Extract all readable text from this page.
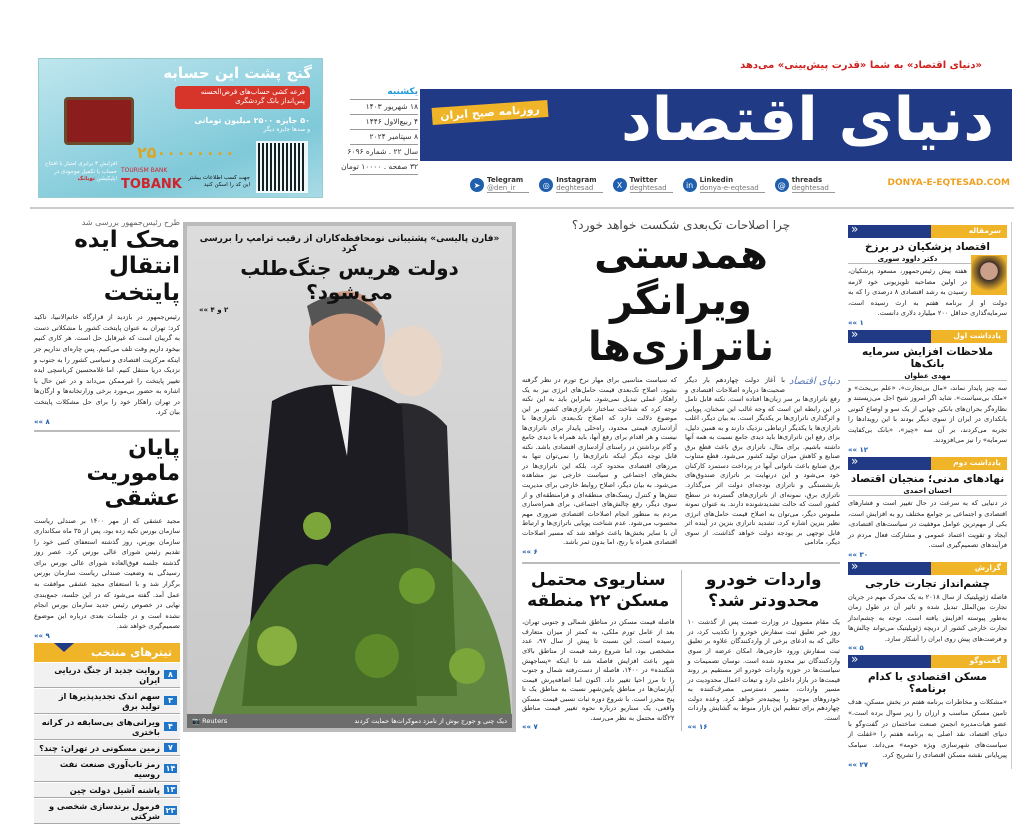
گنج پشت این حسابه
قرعه کشی حساب‌های قرض‌الحسنه پس‌انداز بانک گردشگری
۵۰ جایزه ۲۵۰۰ میلیون تومانی
و صدها جایزه دیگر
۲۵۰۰۰۰۰۰۰۰
جهت کسب اطلاعات بیشتر این کد را اسکن کنید
TOURISM BANK
TOBANK
افزایش ۳ برابری امتیاز با افتتاح حساب یا تکمیل موجودی در اپلیکیشن توبانک
«دنیای اقتصاد» به شما «قدرت پیش‌بینی» می‌دهد
دنیای اقتصاد
روزنامه صبح ایران
یکشنبه
۱۸ شهریور ۱۴۰۳
۴ ربیع‌الاول ۱۴۴۶
۸ سپتامبر ۲۰۲۴
سال ۲۲ . شماره ۶۰۹۶
۳۲ صفحه . ۱۰۰۰۰ تومان
➤
Telegram
@den_ir	◎
Instagram
deghtesad	X
Twitter
deghtesad	in
Linkedin
donya-e-eqtesad	@
threads
deghtesad	DONYA-E-EQTESAD.COM
طرح رئیس‌جمهور بررسی شد
محک ایده انتقال پایتخت
رئیس‌جمهور در بازدید از قرارگاه خاتم‌الانبیا، تاکید کرد: تهران به عنوان پایتخت کشور با مشکلاتی دست به گریبان است که غیرقابل حل است. هر کاری کنیم بیخود داریم وقت تلف می‌کنیم. پس چاره‌ای نداریم جز اینکه مرکزیت اقتصادی و سیاسی کشور را به جنوب و نزدیک دریا منتقل کنیم. اما غلامحسین کرباسچی ایده تغییر پایتخت را غیرممکن می‌داند و در عین حال با اشاره به حضور بی‌مورد برخی وزارتخانه‌ها و ارگان‌ها در تهران راهکار خود را برای حل مشکلات پایتخت بیان کرد.
۸ »»
پایان ماموریت عشقی
مجید عشقی که از مهر ۱۴۰۰ بر صندلی ریاست سازمان بورس تکیه زده بود، پس از ۳۵ ماه سکانداری سازمان بورس، روز گذشته استعفای کتبی خود را تقدیم رئیس شورای عالی بورس کرد. عصر روز گذشته جلسه فوق‌العاده شورای عالی بورس برای رسیدگی به وضعیت صندلی ریاست سازمان بورس برگزار شد و با استعفای مجید عشقی موافقت به عمل آمد. گفته می‌شود که در این جلسه، جمع‌بندی نهایی در خصوص رئیس جدید سازمان بورس انجام نشده است و در جلسات بعدی درباره این موضوع تصمیم‌گیری خواهد شد.
۹ »»
تیترهای منتخب
۸
روایت جدید از جنگ دریایی ایران
۳
سهم اندک تجدیدپذیرها از تولید برق
۴
ویرانی‌های بی‌سابقه در کرانه باختری
۷
زمین مسکونی در تهران: چند؟
۱۴
رمز تاب‌آوری صنعت نفت روسیه
۱۳
پاشنه آشیل دولت چین
۲۳
فرمول برندسازی شخصی و شرکتی
«فارن پالیسی» پشتیبانی نومحافظه‌کاران از رقیب ترامپ را بررسی کرد
دولت هریس جنگ‌طلب می‌شود؟
۲ و ۴ »»
📷 Reuters	دیک چنی و جورج بوش از نامزد دموکرات‌ها حمایت کردند
چرا اصلاحات تک‌بعدی شکست خواهد خورد؟
همدستی ویرانگر ناترازی‌ها
دنیای اقتصاد
با آغاز دولت چهاردهم بار دیگر صحبت‌ها درباره اصلاحات اقتصادی و رفع ناترازی‌ها بر سر زبان‌ها افتاده است. نکته قابل تامل در این رابطه این است که وجه غالب این سخنان، پویایی و اثرگذاری ناترازی‌ها بر یکدیگر است. به بیان دیگر، اغلب ناترازی‌ها با یکدیگر ارتباطی نزدیک دارند و به همین دلیل، برای رفع این ناترازی‌ها باید دیدی جامع نسبت به همه آنها داشته باشیم. برای مثال، ناترازی برق باعث قطع برق صنایع و کاهش میزان تولید کشور می‌شود. قطع متناوب برق صنایع باعث ناتوانی آنها در پرداخت دستمزد کارکنان خود می‌شود و این درنهایت بر ناترازی صندوق‌های بازنشستگی و ناترازی بودجه‌ای دولت اثر می‌گذارد. ناترازی برق، نمونه‌ای از ناترازی‌های گسترده در سطح کشور است که حالت تشدیدشونده دارند. به عنوان نمونه ملموس دیگر، می‌توان به اصلاح قیمت حامل‌های انرژی نظیر بنزین اشاره کرد. تشدید ناترازی بنزین در آینده اثر قابل توجهی بر بودجه دولت خواهد گذاشت. از سوی دیگر، مادامی
که سیاست مناسبی برای مهار نرخ تورم در نظر گرفته نشود، اصلاح تک‌بعدی قیمت حامل‌های انرژی نیز به یک راهکار عملی تبدیل نمی‌شود. بنابراین باید به این نکته توجه کرد که شناخت ساختار ناترازی‌های کشور بر این موضوع دلالت دارد که اصلاح تک‌بعدی ناترازی‌ها با آزادسازی قیمتی محدود، راه‌حلی پایدار برای ناترازی‌ها نیست و هر اقدام برای رفع آنها، باید همراه با دیدی جامع و گام برداشتن در راستای آزادسازی اقتصادی باشد. نکته قابل توجه دیگر اینکه ناترازی‌ها را نمی‌توان تنها به مرزهای اقتصادی محدود کرد، بلکه این ناترازی‌ها در بخش‌های اجتماعی و سیاست خارجی نیز مشاهده می‌شود. به بیان دیگر، اصلاح روابط خارجی برای مدیریت تنش‌ها و کنترل ریسک‌های منطقه‌ای و فرامنطقه‌ای و از سوی دیگر، رفع چالش‌های اجتماعی، برای همراه‌سازی مردم به منظور انجام اصلاحات اقتصادی ضروری مهم محسوب می‌شود. عدم شناخت پویایی ناترازی‌ها و ارتباط آن با سایر بخش‌ها باعث خواهد شد که مسیر اصلاحات اقتصادی همراه با رنج، اما بدون ثمر باشد.
۶ »»
واردات خودرو محدودتر شد؟
یک مقام مسوول در وزارت صمت پس از گذشت ۱۰ روز خبر تعلیق ثبت سفارش خودرو را تکذیب کرد، در حالی که به ادعای برخی از واردکنندگان علاوه بر تعلیق ثبت سفارش ورود خارجی‌ها، امکان عرضه از سوی واردکنندگان نیز محدود شده است. نوسان تصمیمات و سیاست‌ها در حوزه واردات خودرو اثر مستقیم بر روند قیمت‌ها در بازار داخلی دارد و تبعات اعمال محدودیت در مسیر واردات، مسیر دسترسی مصرف‌کننده به خودروهای موجود را پیچیده‌تر خواهد کرد. وعده دولت چهاردهم برای تنظیم این بازار منوط به گشایش واردات است.
۱۶ »»
سناریوی محتمل مسکن ۲۲ منطقه
فاصله قیمت مسکن در مناطق شمالی و جنوبی تهران، بعد از عامل تورم ملکی، به کمتر از میزان متعارف رسیده است. این نسبت تا پیش از سال ۹۷، عدد مشخصی بود، اما شروع رشد قیمت از مناطق بالای شهر باعث افزایش فاصله شد تا اینکه «پساجهش شکننده» در ۱۴۰۰، فاصله از دست‌رفته شمال و جنوب را تا مرز احیا تغییر داد. اکنون اما اضافه‌پرش قیمت آپارتمان‌ها در مناطق پایین‌شهر نسبت به مناطق یک تا پنج محرز است. با شروع دوره ثبات نسبی قیمت مسکن واقعی، یک سناریو درباره نحوه تغییر قیمت مناطق ۲۲گانه محتمل به نظر می‌رسد.
۷ »»
سرمقاله
«
اقتصاد پزشکیان در برزخ
دکتر داوود سوری
هفته پیش رئیس‌جمهور، مسعود پزشکیان، در اولین مصاحبه تلویزیونی خود لازمه رسیدن به رشد اقتصادی ۸ درصدی را که به دولت او از برنامه هفتم به ارث رسیده است، سرمایه‌گذاری حداقل ۲۰۰ میلیارد دلاری دانست.
۱ »»
یادداشت اول
«
ملاحظات افزایش سرمایه بانک‌ها
مهدی عطوان
سه چیز پایدار نماند، «مال بی‌تجارت»، «علم بی‌بحث» و «ملک بی‌سیاست». شاید اگر امروز شیخ اجل می‌زیستند و نظاره‌گر بحران‌های بانکی جهانی از یک سو و اوضاع کنونی بانکداری در ایران از سوی دیگر بودند با این رویدادها را تجربه می‌کردند، بر آن سه «چیز»، «بانک بی‌کفایت سرمایه» را نیز می‌افزودند.
۱۲ »»
یادداشت دوم
«
نهادهای مدنی؛ منجیان اقتصاد
احسان احمدی
در دنیایی که به سرعت در حال تغییر است و فشارهای اقتصادی و اجتماعی بر جوامع مختلف رو به افزایش است، یکی از مهم‌ترین عوامل موفقیت در سیاست‌های اقتصادی، ایجاد و تقویت اعتماد عمومی و مشارکت فعال مردم در فرآیندهای تصمیم‌گیری است.
۳۰ »»
گزارش
«
چشم‌انداز تجارت خارجی
فاصله ژئوپلیتیک از سال ۲۰۱۸ به یک محرک مهم در جریان تجارت بین‌الملل تبدیل شده و تاثیر آن در طول زمان به‌طور پیوسته افزایش یافته است. توجه به چشم‌انداز تجارت خارجی کشور از دریچه ژئوپلیتیک می‌تواند چالش‌ها و فرصت‌های پیش روی ایران را آشکار سازد.
۵ »»
گفت‌وگو
«
مسکن اقتصادی با کدام برنامه؟
«مشکلات و مخاطرات برنامه هفتم در بخش مسکن، هدف تامین مسکن مناسب و ارزان را زیر سوال برده است.» عضو هیات‌مدیره انجمن صنعت ساختمان در گفت‌وگو با دنیای اقتصاد، نقد اصلی به برنامه هفتم را «غفلت از سیاست‌های شهرسازی ویژه حومه» می‌داند. سیامک پیرپایانی نقشه مسکن اقتصادی را تشریح کرد.
۲۷ »»
